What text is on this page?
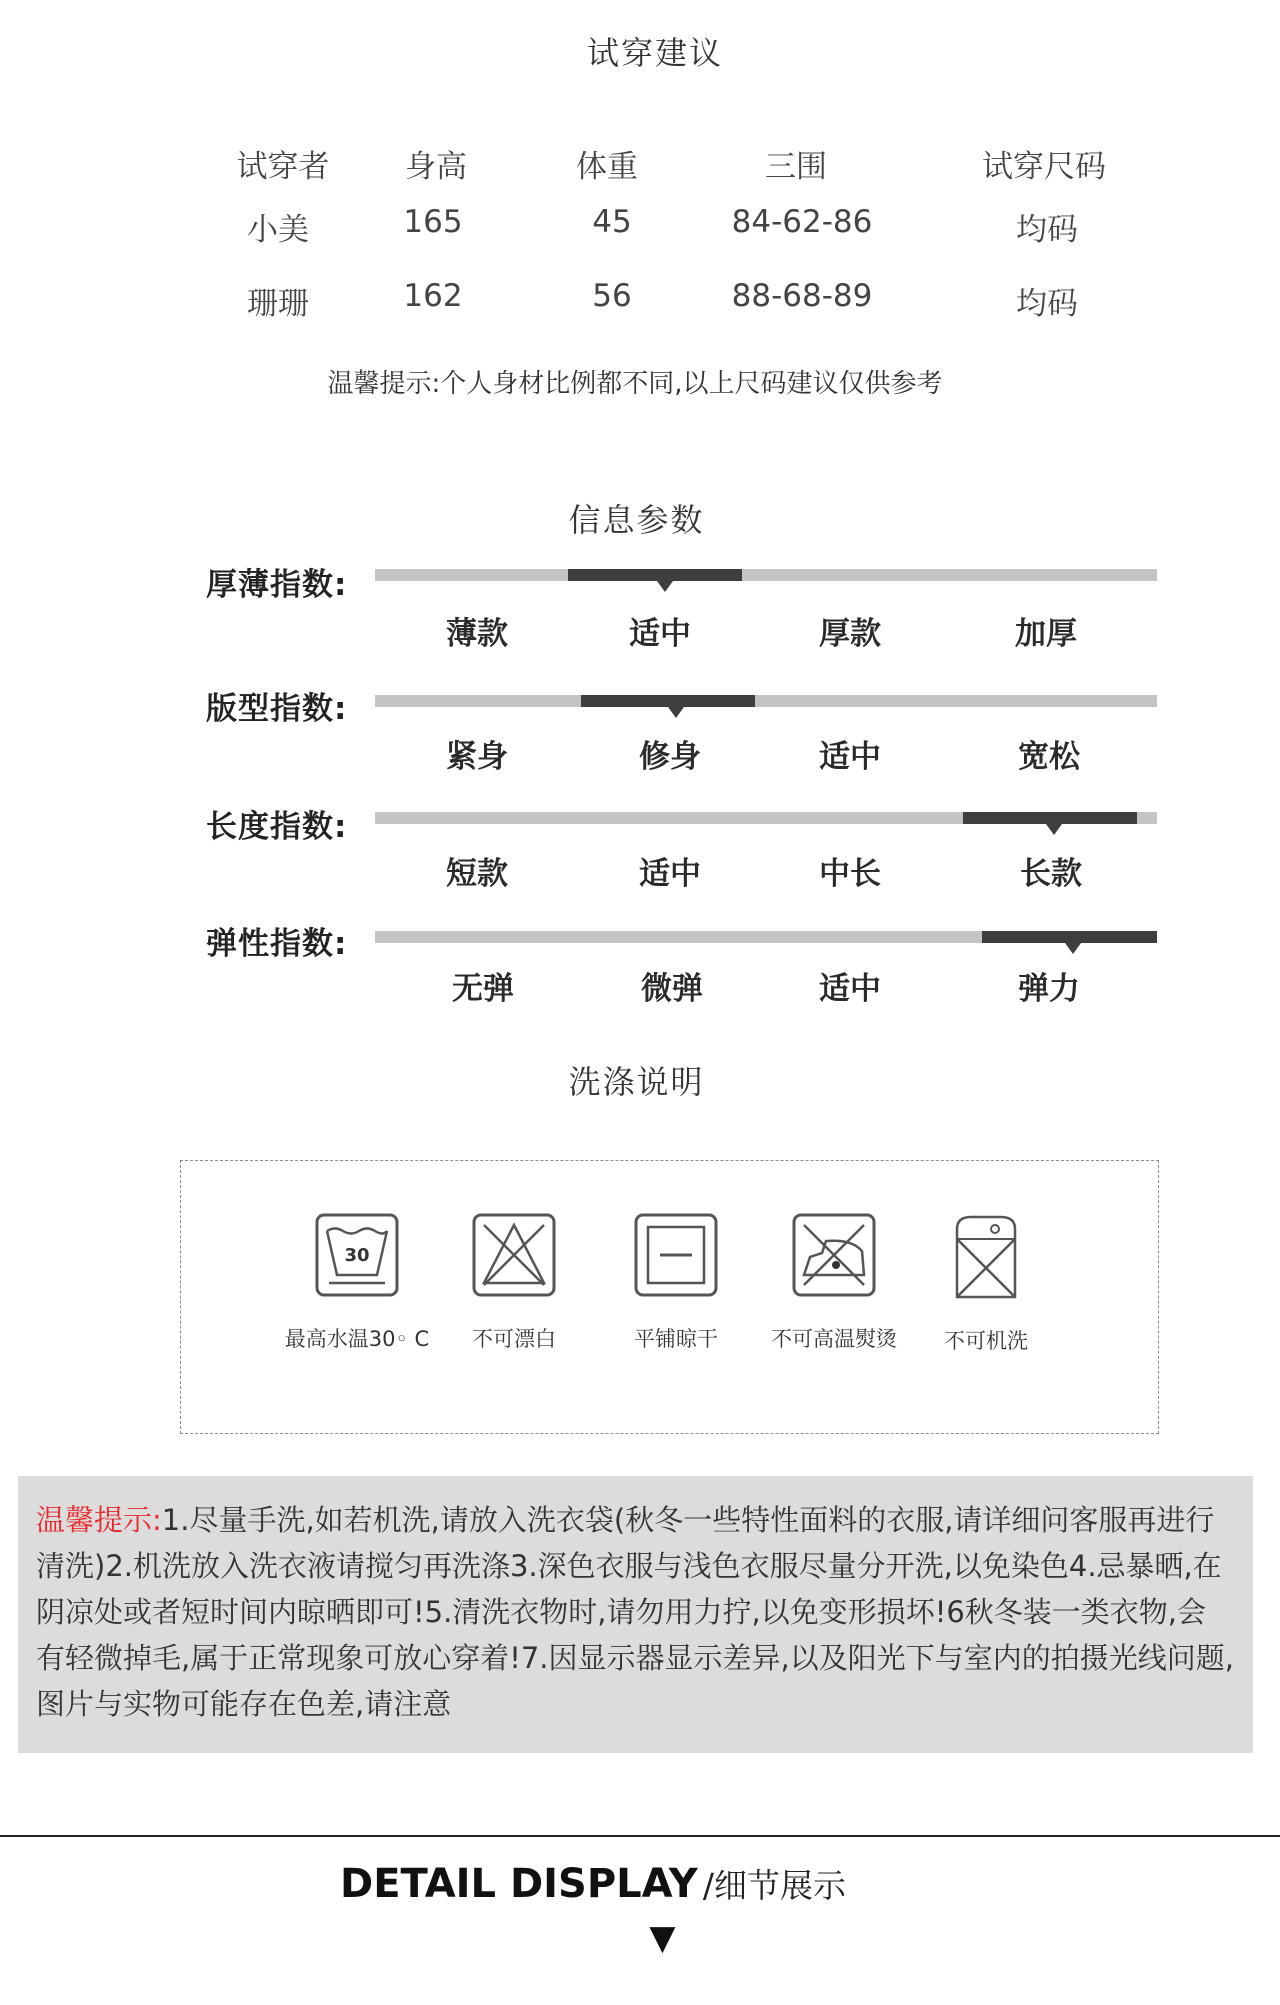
试穿建议
试穿者	身高	体重	三围	试穿尺码
小美	165	45	84-62-86	均码
珊珊	162	56	88-68-89	均码
温馨提示:个人身材比例都不同,以上尺码建议仅供参考
信息参数
厚薄指数:
薄款	适中	厚款	加厚
版型指数:
紧身	修身	适中	宽松
长度指数:
短款	适中	中长	长款
弹性指数:
无弹	微弹	适中	弹力
洗涤说明
30
最高水温30◦ C	不可漂白	平铺晾干	不可高温熨烫	不可机洗
温馨提示:1.尽量手洗,如若机洗,请放入洗衣袋(秋冬一些特性面料的衣服,请详细问客服再进行清洗)2.机洗放入洗衣液请搅匀再洗涤3.深色衣服与浅色衣服尽量分开洗,以免染色4.忌暴晒,在阴凉处或者短时间内晾晒即可!5.清洗衣物时,请勿用力拧,以免变形损坏!6秋冬装一类衣物,会有轻微掉毛,属于正常现象可放心穿着!7.因显示器显示差异,以及阳光下与室内的拍摄光线问题,图片与实物可能存在色差,请注意
DETAIL DISPLAY /细节展示
▼
